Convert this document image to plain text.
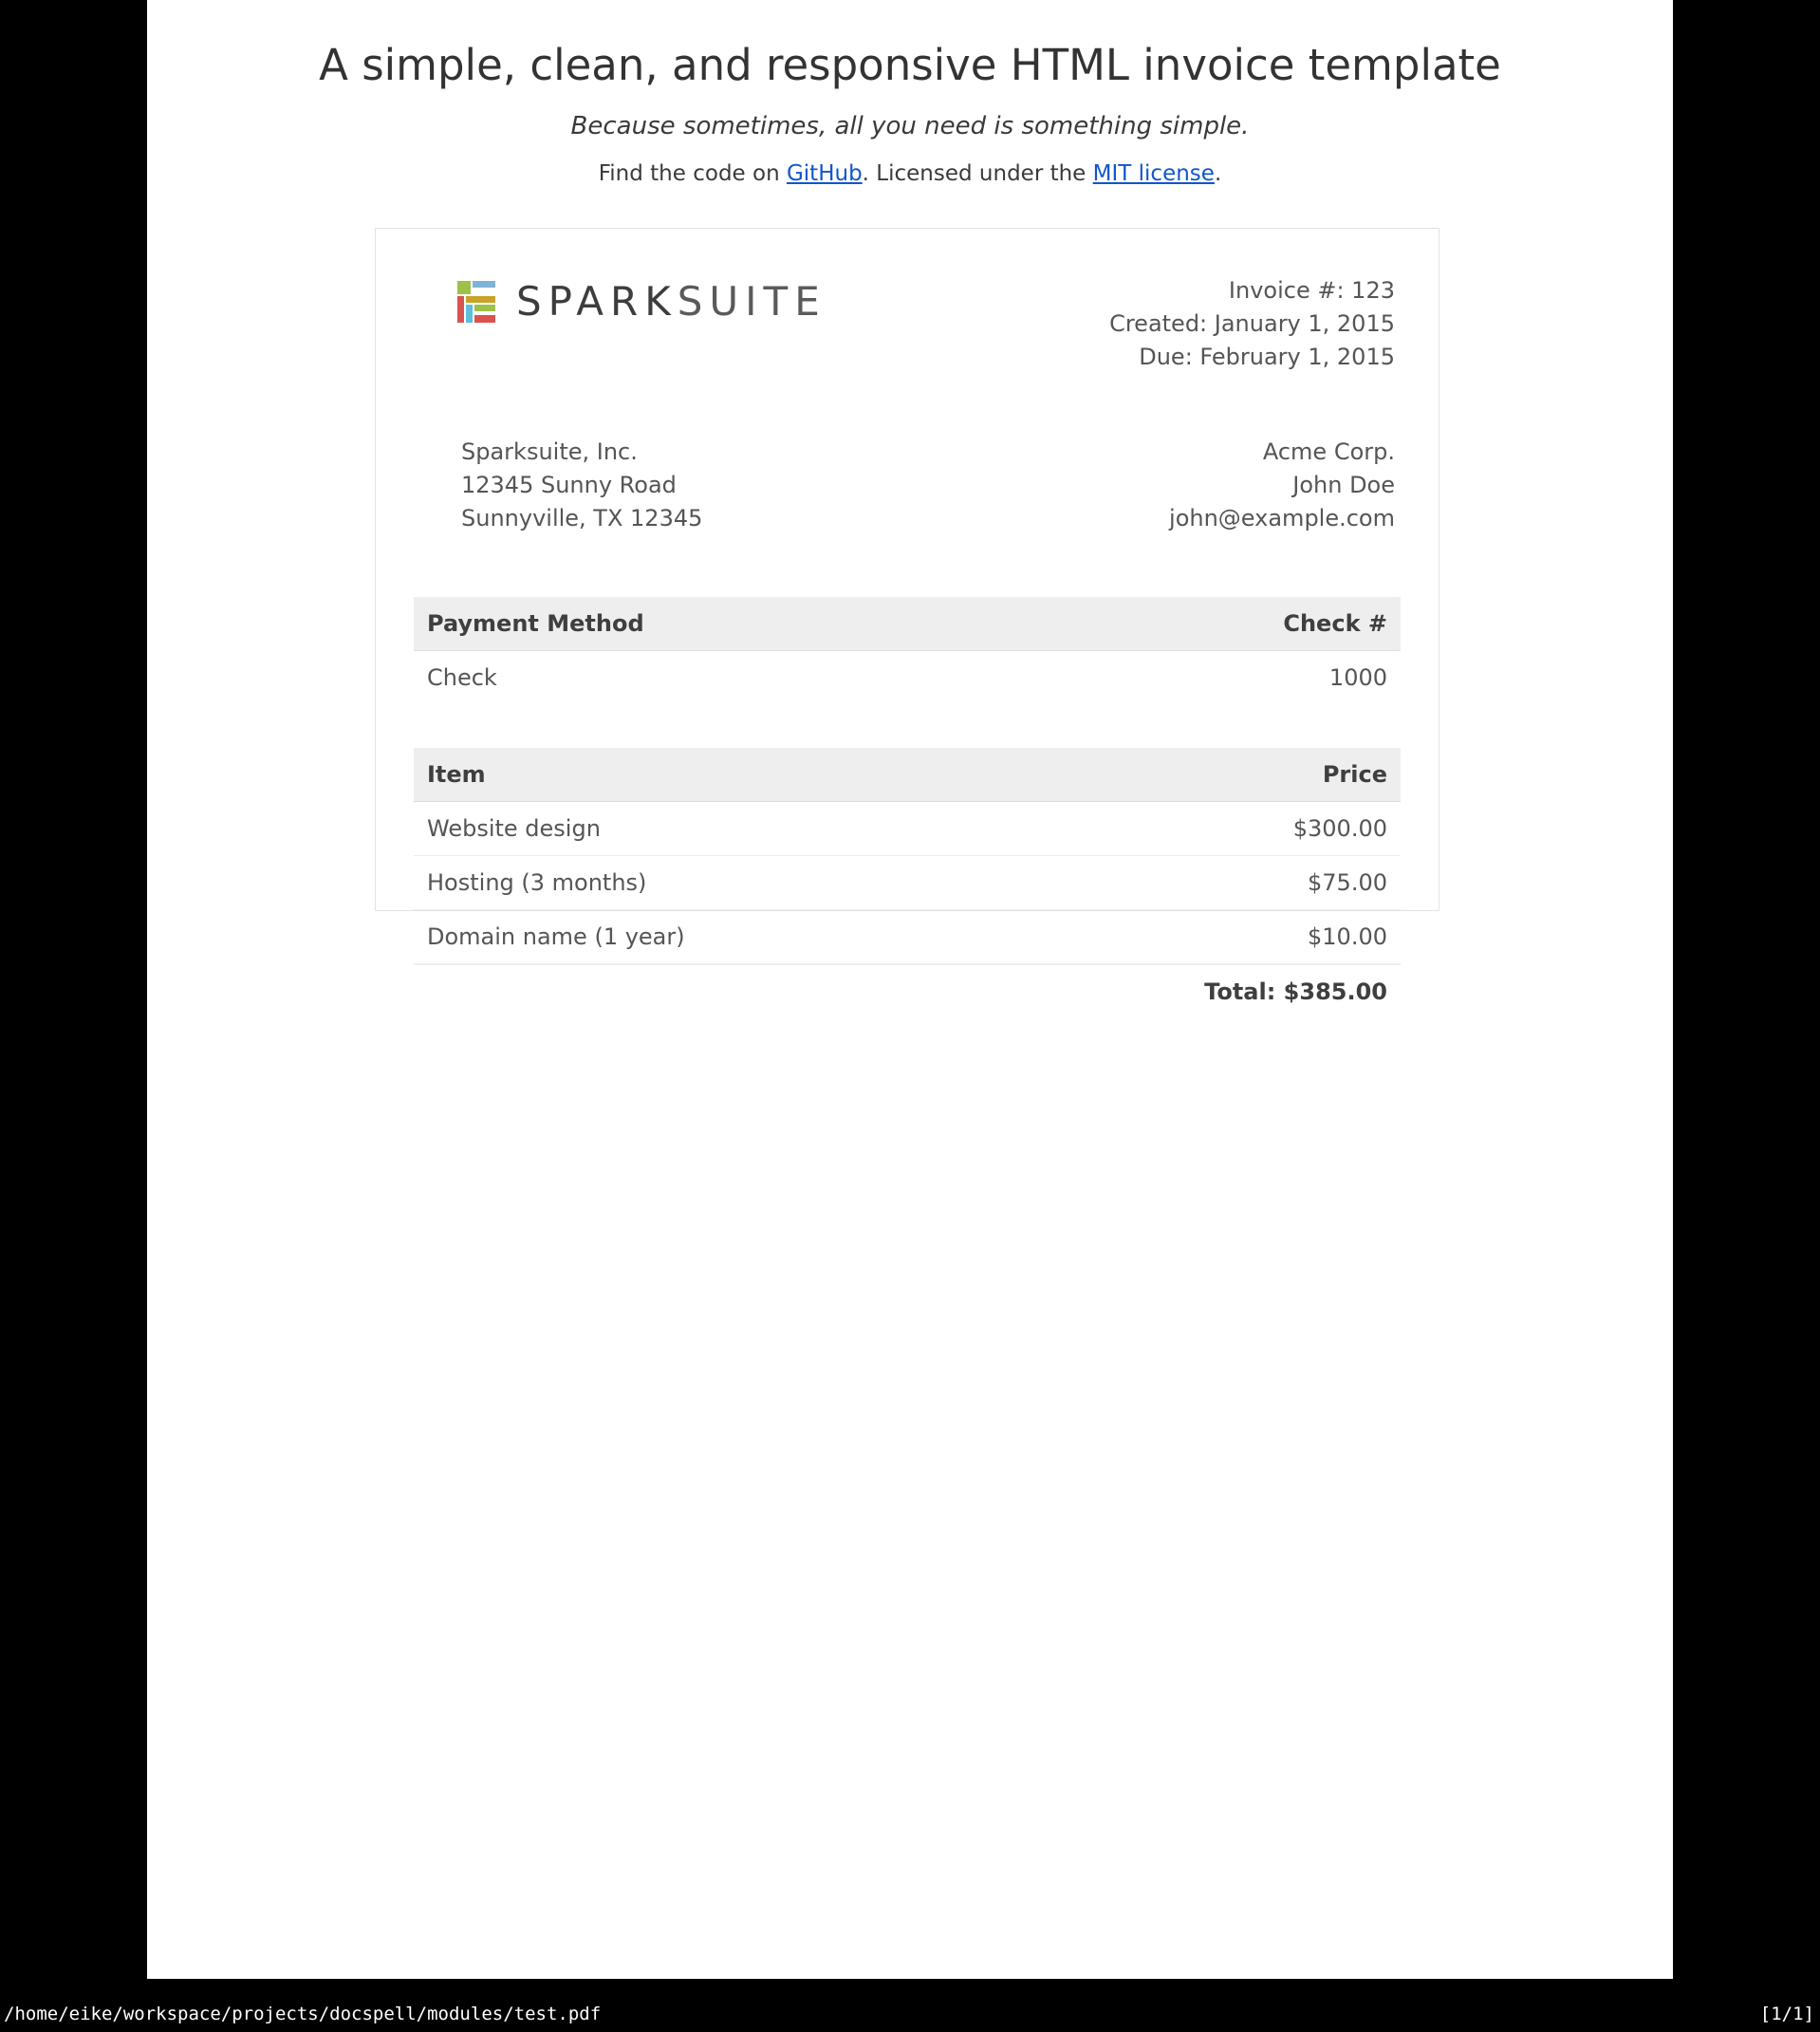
A simple, clean, and responsive HTML invoice template
Because sometimes, all you need is something simple.
Find the code on GitHub. Licensed under the MIT license.
SPARKSUITE	Invoice #: 123
Created: January 1, 2015
Due: February 1, 2015
Sparksuite, Inc.
12345 Sunny Road
Sunnyville, TX 12345
Acme Corp.
John Doe
john@example.com
Payment Method	Check #
Check	1000

Item	Price
Website design	$300.00
Hosting (3 months)	$75.00
Domain name (1 year)	$10.00
	Total: $385.00
/home/eike/workspace/projects/docspell/modules/test.pdf	[1/1]
